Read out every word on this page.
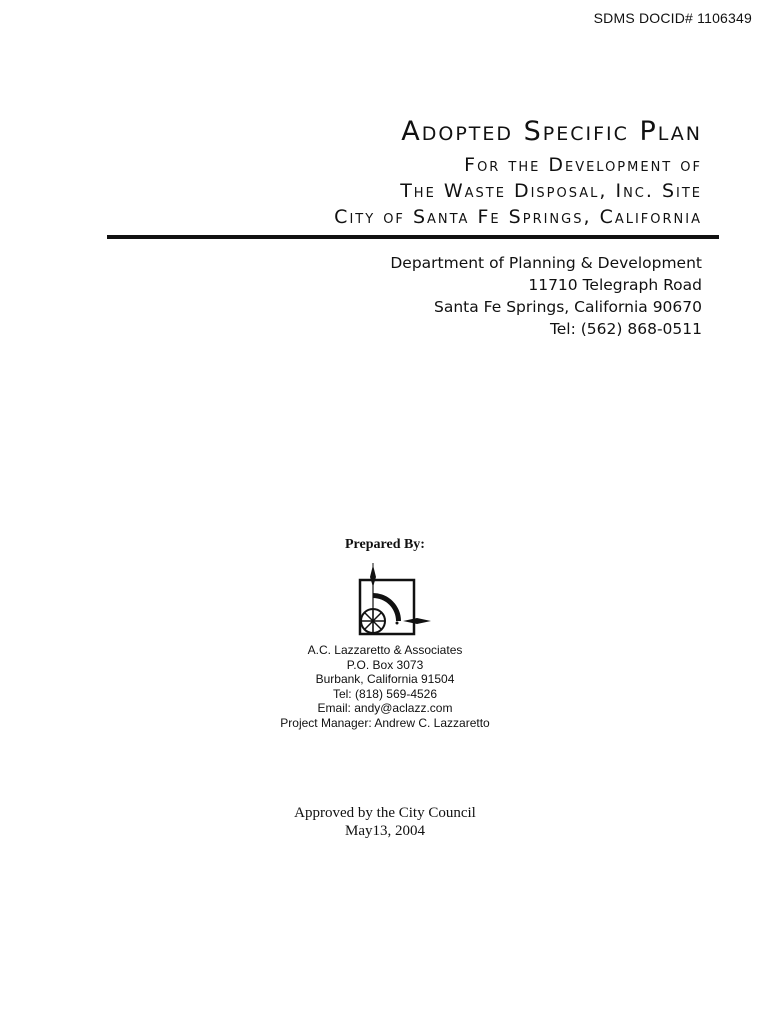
SDMS DOCID# 1106349
Adopted Specific Plan
For the Development of
The Waste Disposal, Inc. Site
City of Santa Fe Springs, California
Department of Planning & Development
11710 Telegraph Road
Santa Fe Springs, California 90670
Tel: (562) 868-0511
Prepared By:
A.C. Lazzaretto & Associates
P.O. Box 3073
Burbank, California 91504
Tel: (818) 569-4526
Email: andy@aclazz.com
Project Manager: Andrew C. Lazzaretto
Approved by the City Council
May13, 2004
